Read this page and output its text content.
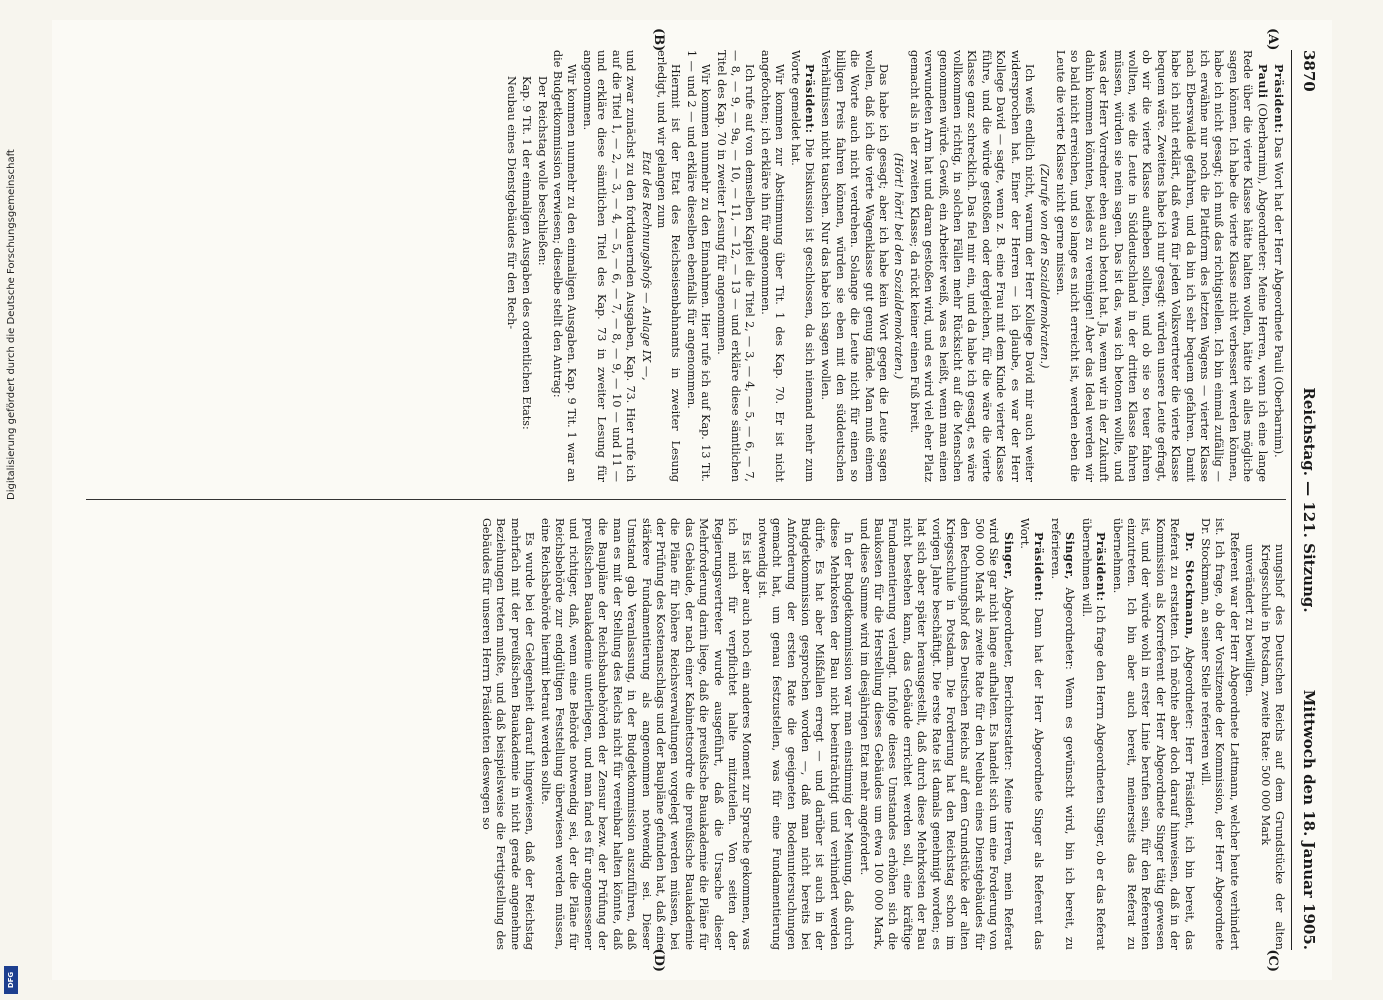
3870
Reichstag. — 121. Sitzung.
Mittwoch den 18. Januar 1905.
(A)
(B)
(C)
(D)

Präsident: Das Wort hat der Herr Abgeordnete Pauli (Oberbarnim).

Pauli (Oberbarnim), Abgeordneter: Meine Herren, wenn ich eine lange Rede über die vierte Klasse hätte halten wollen, hätte ich alles mögliche sagen können. Ich habe die vierte Klasse nicht verbessert werden können, habe ich nicht gesagt; ich muß das richtigstellen. Ich bin einmal zufällig — ich erwähne nur noch die Plattform des letzten Wagens — vierter Klasse nach Eberswalde gefahren, und da bin ich sehr bequem gefahren. Damit habe ich nicht erklärt, daß etwa für jeden Volksvertreter die vierte Klasse bequem wäre. Zweitens habe ich nur gesagt: würden unsere Leute gefragt, ob wir die vierte Klasse aufheben sollten, und ob sie so teuer fahren wollten, wie die Leute in Süddeutschland in der dritten Klasse fahren müssen, würden sie nein sagen. Das ist das, was ich betonen wollte, und was der Herr Vorredner eben auch betont hat. Ja, wenn wir in der Zukunft dahin kommen könnten, beides zu vereinigen! Aber das Ideal werden wir so bald nicht erreichen, und so lange es nicht erreicht ist, werden eben die Leute die vierte Klasse nicht gerne missen.

(Zurufe von den Sozialdemokraten.)

Ich weiß endlich nicht, warum der Herr Kollege David mir auch weiter widersprochen hat. Einer der Herren — ich glaube, es war der Herr Kollege David — sagte, wenn z. B. eine Frau mit dem Kinde vierter Klasse führe, und die würde gestoßen oder dergleichen, für die wäre die vierte Klasse ganz schrecklich. Das fiel mir ein, und da habe ich gesagt, es wäre vollkommen richtig, in solchen Fällen mehr Rücksicht auf die Menschen genommen würde. Gewiß, ein Arbeiter weiß, was es heißt, wenn man einen verwundeten Arm hat und daran gestoßen wird, und es wird viel eher Platz gemacht als in der zweiten Klasse; da rückt keiner einen Fuß breit.

(Hört! hört! bei den Sozialdemokraten.)

Das habe ich gesagt; aber ich habe kein Wort gegen die Leute sagen wollen, daß ich die vierte Wagenklasse gut genug fände. Man muß einem die Worte auch nicht verdrehen. Solange die Leute nicht für einen so billigen Preis fahren können, würden sie eben mit den süddeutschen Verhältnissen nicht tauschen. Nur das habe ich sagen wollen.

Präsident: Die Diskussion ist geschlossen, da sich niemand mehr zum Worte gemeldet hat.

Wir kommen zur Abstimmung über Tit. 1 des Kap. 70. Er ist nicht angefochten; ich erkläre ihn für angenommen.

Ich rufe auf von demselben Kapitel die Titel 2, — 3, — 4, — 5, — 6, — 7, — 8, — 9, — 9a, — 10, — 11, — 12, — 13 — und erkläre diese sämtlichen Titel des Kap. 70 in zweiter Lesung für angenommen.

Wir kommen nunmehr zu den Einnahmen. Hier rufe ich auf Kap. 13 Tit. 1 — und 2 — und erkläre dieselben ebenfalls für angenommen.

Hiermit ist der Etat des Reichseisenbahnamts in zweiter Lesung erledigt, und wir gelangen zum

Etat des Rechnungshofs — Anlage IX —,

und zwar zunächst zu den fortdauernden Ausgaben, Kap. 73. Hier rufe ich auf die Titel 1, — 2, — 3, — 4, — 5, — 6, — 7, — 8, — 9, — 10 — und 11 — und erkläre diese sämtlichen Titel des Kap. 73 in zweiter Lesung für angenommen.

Wir kommen nunmehr zu den einmaligen Ausgaben. Kap. 9 Tit. 1 war an die Budgetkommission verwiesen; dieselbe stellt den Antrag:

Der Reichstag wolle beschließen:

Kap. 9 Tit. 1 der einmaligen Ausgaben des ordentlichen Etats:

Neubau eines Dienstgebäudes für den Rech-

nungshof des Deutschen Reichs auf dem Grundstücke der alten Kriegsschule in Potsdam, zweite Rate: 500 000 Mark

unverändert zu bewilligen.

Referent war der Herr Abgeordnete Lattmann, welcher heute verhindert ist. Ich frage, ob der Vorsitzende der Kommission, der Herr Abgeordnete Dr. Stockmann, an seiner Stelle referieren will.

Dr. Stockmann, Abgeordneter: Herr Präsident, ich bin bereit, das Referat zu erstatten. Ich möchte aber doch darauf hinweisen, daß in der Kommission als Korreferent der Herr Abgeordnete Singer tätig gewesen ist, und der würde wohl in erster Linie berufen sein, für den Referenten einzutreten. Ich bin aber auch bereit, meinerseits das Referat zu übernehmen.

Präsident: Ich frage den Herrn Abgeordneten Singer, ob er das Referat übernehmen will.

Singer, Abgeordneter: Wenn es gewünscht wird, bin ich bereit, zu referieren.

Präsident: Dann hat der Herr Abgeordnete Singer als Referent das Wort.

Singer, Abgeordneter, Berichterstatter: Meine Herren, mein Referat wird Sie gar nicht lange aufhalten. Es handelt sich um eine Forderung von 500 000 Mark als zweite Rate für den Neubau eines Dienstgebäudes für den Rechnungshof des Deutschen Reichs auf dem Grundstücke der alten Kriegsschule in Potsdam. Die Forderung hat den Reichstag schon im vorigen Jahre beschäftigt. Die erste Rate ist damals genehmigt worden; es hat sich aber später herausgestellt, daß durch diese Mehrkosten der Bau nicht bestehen kann, das Gebäude errichtet werden soll, eine kräftige Fundamentierung verlangt. Infolge dieses Umstandes erhöhen sich die Baukosten für die Herstellung dieses Gebäudes um etwa 100 000 Mark, und diese Summe wird im diesjährigen Etat mehr angefordert.

In der Budgetkommission war man einstimmig der Meinung, daß durch diese Mehrkosten der Bau nicht beeinträchtigt und verhindert werden dürfe. Es hat aber Mißfallen erregt — und darüber ist auch in der Budgetkommission gesprochen worden —, daß man nicht bereits bei Anforderung der ersten Rate die geeigneten Bodenuntersuchungen gemacht hat, um genau festzustellen, was für eine Fundamentierung notwendig ist.

Es ist aber auch noch ein anderes Moment zur Sprache gekommen, was ich mich für verpflichtet halte mitzuteilen. Von seiten der Regierungsvertreter wurde ausgeführt, daß die Ursache dieser Mehrforderung darin liege, daß die preußische Bauakademie die Pläne für das Gebäude, der nach einer Kabinettsordre die preußische Bauakademie die Pläne für höhere Reichsverwaltungen vorgelegt werden müssen, bei der Prüfung des Kostenanschlags und der Baupläne gefunden hat, daß eine stärkere Fundamentierung als angenommen notwendig sei. Dieser Umstand gab Veranlassung, in der Budgetkommission auszuführen, daß man es mit der Stellung des Reichs nicht für vereinbar halten könnte, daß die Baupläne der Reichsbaubehörden der Zensur bezw. der Prüfung der preußischen Bauakademie unterliegen, und man fand es für angemessener und richtiger, daß, wenn eine Behörde notwendig sei, der die Pläne für Reichsbehörde zur endgültigen Feststellung überwiesen werden müssen, eine Reichsbehörde hiermit betraut werden sollte.

Es wurde bei der Gelegenheit darauf hingewiesen, daß der Reichstag mehrfach mit der preußischen Bauakademie in nicht gerade angenehme Beziehungen treten mußte, und daß beispielsweise die Fertigstellung des Gebäudes für unseren Herrn Präsidenten deswegen so

Digitalisierung gefördert durch die Deutsche Forschungsgemeinschaft
DFG
